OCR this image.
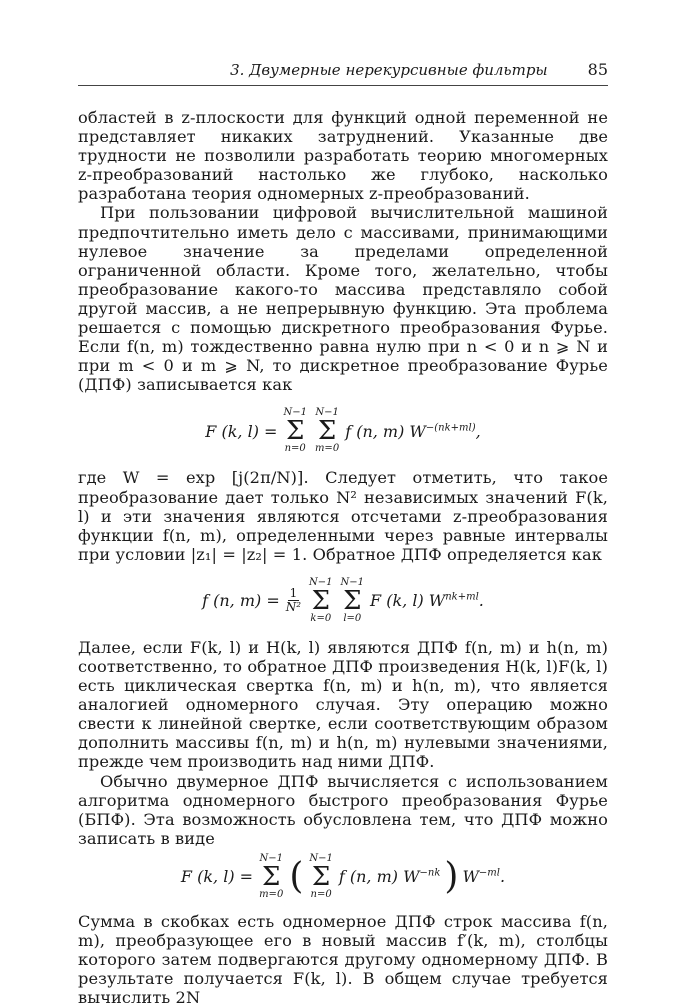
3. Двумерные нерекурсивные фильтры	85

областей в z-плоскости для функций одной переменной не представляет никаких затруднений. Указанные две трудности не позволили разработать теорию многомерных z-преобразований настолько же глубоко, насколько разработана теория одномерных z-преобразований.

При пользовании цифровой вычислительной машиной предпочтительно иметь дело с массивами, принимающими нулевое значение за пределами определенной ограниченной области. Кроме того, желательно, чтобы преобразование какого-то массива представляло собой другой массив, а не непрерывную функцию. Эта проблема решается с помощью дискретного преобразования Фурье. Если f(n, m) тождественно равна нулю при n < 0 и n ⩾ N и при m < 0 и m ⩾ N, то дискретное преобразование Фурье (ДПФ) записывается как

F (k, l) =
N−1
Σ
n=0
N−1
Σ
m=0
f (n, m) $W^{-(nk+ml)}$,

где W = exp [j(2π/N)]. Следует отметить, что такое преобразование дает только N² независимых значений F(k, l) и эти значения являются отсчетами z-преобразования функции f(n, m), определенными через равные интервалы при условии |z₁| = |z₂| = 1. Обратное ДПФ определяется как

f (n, $m) = \frac{1}{\text{N²}}$
N−1
Σ
k=0
N−1
Σ
l=0
F (k, l) $W^{nk+ml}$.

Далее, если F(k, l) и H(k, l) являются ДПФ f(n, m) и h(n, m) соответственно, то обратное ДПФ произведения H(k, l)F(k, l) есть циклическая свертка f(n, m) и h(n, m), что является аналогией одномерного случая. Эту операцию можно свести к линейной свертке, если соответствующим образом дополнить массивы f(n, m) и h(n, m) нулевыми значениями, прежде чем производить над ними ДПФ.

Обычно двумерное ДПФ вычисляется с использованием алгоритма одномерного быстрого преобразования Фурье (БПФ). Эта возможность обусловлена тем, что ДПФ можно записать в виде

F (k, l) =
N−1
Σ
m=0 ( N−1
Σ
n=0
f (n, m) $W^{-nk}$ ) $W^{-ml}$.

Сумма в скобках есть одномерное ДПФ строк массива f(n, m), преобразующее его в новый массив f′(k, m), столбцы которого затем подвергаются другому одномерному ДПФ. В результате получается F(k, l). В общем случае требуется вычислить 2N
